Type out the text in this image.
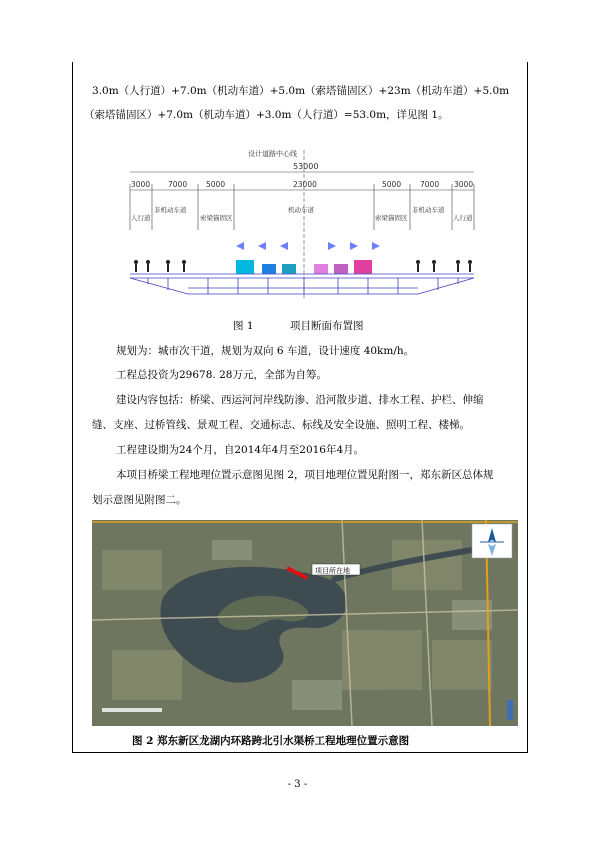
3.0m（人行道）+7.0m（机动车道）+5.0m（索塔锚固区）+23m（机动车道）+5.0m
（索塔锚固区）+7.0m（机动车道）+3.0m（人行道）=53.0m，详见图 1。
设计道路中心线
53000
3000 7000	5000	23000	5000	7000 3000
人行道
非机动车道
索梁锚固区
机动车道
索梁锚固区
非机动车道
人行道
图 1	项目断面布置图
规划为：城市次干道，规划为双向 6 车道，设计速度 40km/h。
工程总投资为29678. 28万元，全部为自筹。
建设内容包括：桥梁、西运河河岸线防渗、沿河散步道、排水工程、护栏、伸缩
缝、支座、过桥管线、景观工程、交通标志、标线及安全设施、照明工程、楼梯。
工程建设期为24个月，自2014年4月至2016年4月。
本项目桥梁工程地理位置示意图见图 2，项目地理位置见附图一，郑东新区总体规
划示意图见附图二。
项目所在地
图 2 郑东新区龙湖内环路跨北引水渠桥工程地理位置示意图
- 3 -
